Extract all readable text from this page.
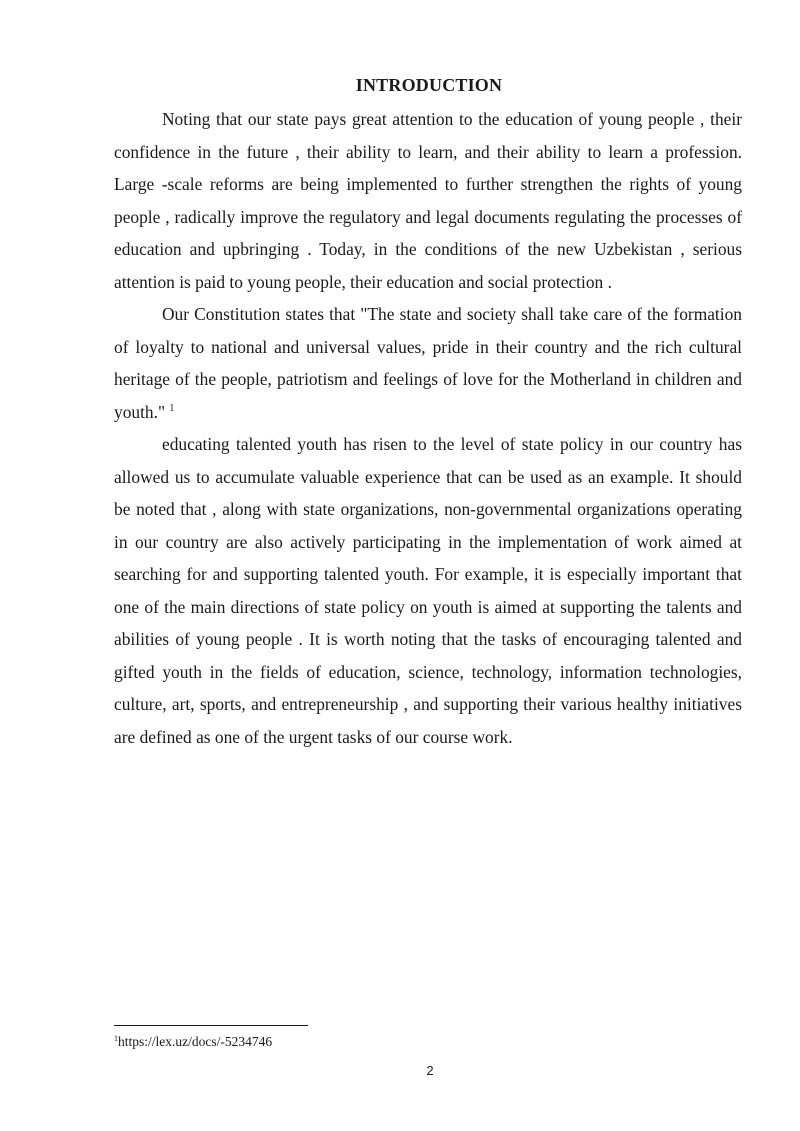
INTRODUCTION

Noting that our state pays great attention to the education of young people , their confidence in the future , their ability to learn, and their ability to learn a profession. Large -scale reforms are being implemented to further strengthen the rights of young people , radically improve the regulatory and legal documents regulating the processes of education and upbringing . Today, in the conditions of the new Uzbekistan , serious attention is paid to young people, their education and social protection .

Our Constitution states that "The state and society shall take care of the formation of loyalty to national and universal values, pride in their country and the rich cultural heritage of the people, patriotism and feelings of love for the Motherland in children and youth." $^1$

educating talented youth has risen to the level of state policy in our country has allowed us to accumulate valuable experience that can be used as an example. It should be noted that , along with state organizations, non-governmental organizations operating in our country are also actively participating in the implementation of work aimed at searching for and supporting talented youth. For example, it is especially important that one of the main directions of state policy on youth is aimed at supporting the talents and abilities of young people . It is worth noting that the tasks of encouraging talented and gifted youth in the fields of education, science, technology, information technologies, culture, art, sports, and entrepreneurship , and supporting their various healthy initiatives are defined as one of the urgent tasks of our course work.

$^1$https://lex.uz/docs/-5234746
2
